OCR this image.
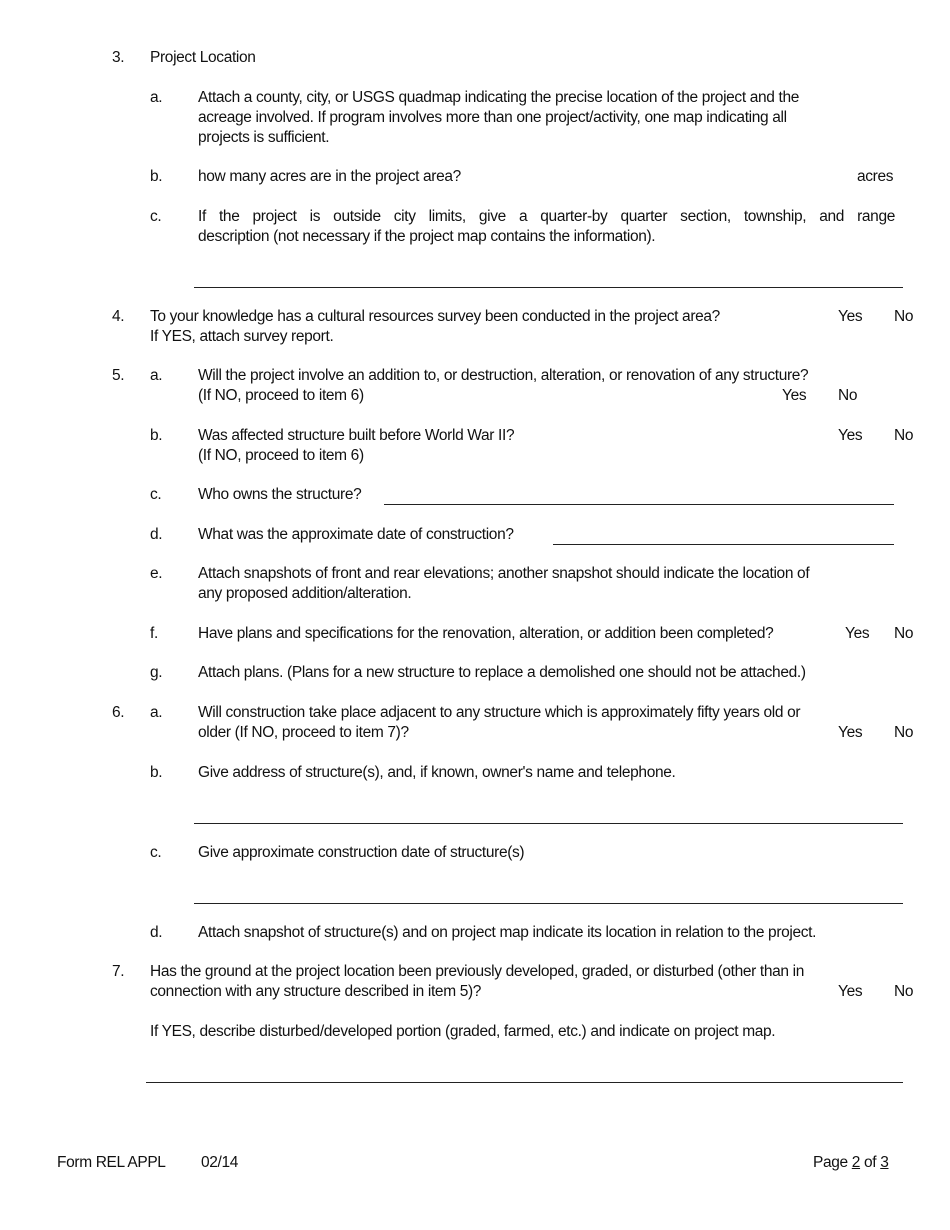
3. Project Location
a. Attach a county, city, or USGS quadmap indicating the precise location of the project and the
acreage involved. If program involves more than one project/activity, one map indicating all
projects is sufficient.
b. how many acres are in the project area?	acres
c. If the project is outside city limits, give a quarter-by quarter section, township, and range
description (not necessary if the project map contains the information).
4. To your knowledge has a cultural resources survey been conducted in the project area?	Yes No
If YES, attach survey report.
5. a. Will the project involve an addition to, or destruction, alteration, or renovation of any structure?
(If NO, proceed to item 6)	Yes No
b. Was affected structure built before World War II?	Yes No
(If NO, proceed to item 6)
c. Who owns the structure?
d. What was the approximate date of construction?
e. Attach snapshots of front and rear elevations; another snapshot should indicate the location of
any proposed addition/alteration.
f.	Have plans and specifications for the renovation, alteration, or addition been completed?	Yes No
g. Attach plans. (Plans for a new structure to replace a demolished one should not be attached.)
6. a. Will construction take place adjacent to any structure which is approximately fifty years old or
older (If NO, proceed to item 7)?	Yes No
b. Give address of structure(s), and, if known, owner's name and telephone.
c. Give approximate construction date of structure(s)
d. Attach snapshot of structure(s) and on project map indicate its location in relation to the project.
7. Has the ground at the project location been previously developed, graded, or disturbed (other than in
connection with any structure described in item 5)?	Yes No
If YES, describe disturbed/developed portion (graded, farmed, etc.) and indicate on project map.
Form REL APPL 02/14	Page 2 of 3
